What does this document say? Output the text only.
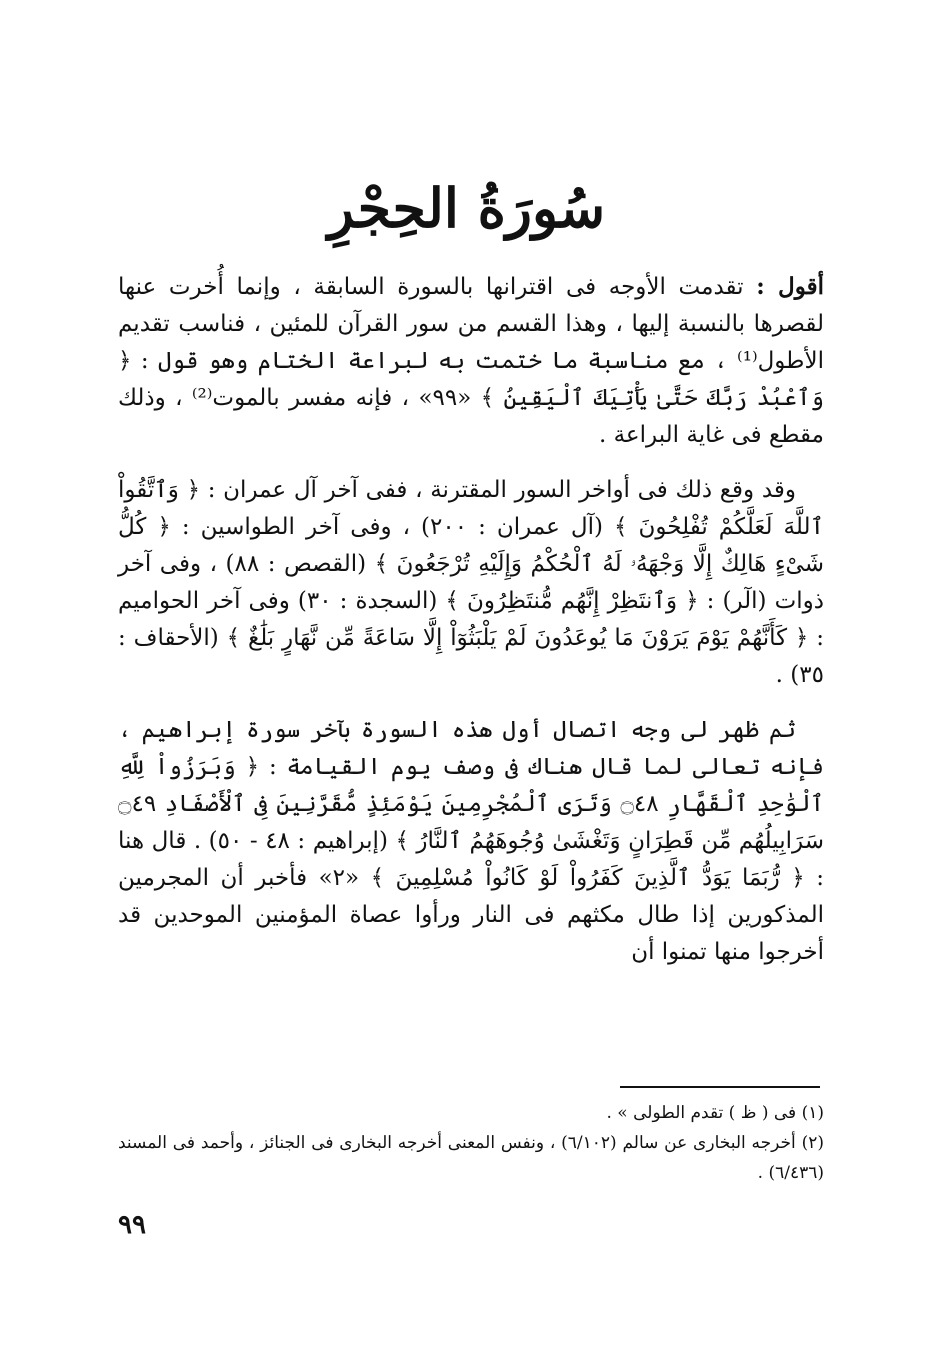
سُورَةُ الحِجْرِ

أقول : تقدمت الأوجه فى اقترانها بالسورة السابقة ، وإنما أُخرت عنها لقصرها بالنسبة إليها ، وهذا القسم من سور القرآن للمئين ، فناسب تقديم الأطول⁽¹⁾ ، مع مناسبة ما ختمت به لبراعة الختام وهو قول : ﴿ وَٱعْبُدْ رَبَّكَ حَتَّىٰ يَأْتِيَكَ ٱلْيَقِينُ ﴾ «٩٩» ، فإنه مفسر بالموت⁽²⁾ ، وذلك مقطع فى غاية البراعة .

وقد وقع ذلك فى أواخر السور المقترنة ، ففى آخر آل عمران : ﴿ وَٱتَّقُواْ ٱللَّهَ لَعَلَّكُمْ تُفْلِحُونَ ﴾ (آل عمران : ٢٠٠) ، وفى آخر الطواسين : ﴿ كُلُّ شَىْءٍ هَالِكٌ إِلَّا وَجْهَهُۥ لَهُ ٱلْحُكْمُ وَإِلَيْهِ تُرْجَعُونَ ﴾ (القصص : ٨٨) ، وفى آخر ذوات (الٓر) : ﴿ وَٱنتَظِرْ إِنَّهُم مُّنتَظِرُونَ ﴾ (السجدة : ٣٠) وفى آخر الحواميم : ﴿ كَأَنَّهُمْ يَوْمَ يَرَوْنَ مَا يُوعَدُونَ لَمْ يَلْبَثُوٓاْ إِلَّا سَاعَةً مِّن نَّهَارٍ بَلَٰغٌ ﴾ (الأحقاف : ٣٥) .

ثم ظهر لى وجه اتصال أول هذه السورة بآخر سورة إبراهيم ، فإنه تعالى لما قال هناك فى وصف يوم القيامة : ﴿ وَبَرَزُواْ لِلَّهِ ٱلْوَٰحِدِ ٱلْقَهَّارِ ۝٤٨ وَتَرَى ٱلْمُجْرِمِينَ يَوْمَئِذٍ مُّقَرَّنِينَ فِى ٱلْأَصْفَادِ ۝٤٩ سَرَابِيلُهُم مِّن قَطِرَانٍ وَتَغْشَىٰ وُجُوهَهُمُ ٱلنَّارُ ﴾ (إبراهيم : ٤٨ - ٥٠) . قال هنا : ﴿ رُّبَمَا يَوَدُّ ٱلَّذِينَ كَفَرُواْ لَوْ كَانُواْ مُسْلِمِينَ ﴾ «٢» فأخبر أن المجرمين المذكورين إذا طال مكثهم فى النار ورأوا عصاة المؤمنين الموحدين قد أخرجوا منها تمنوا أن

(١) فى ( ظ ) تقدم الطولى » .

(٢) أخرجه البخارى عن سالم (٦/١٠٢) ، ونفس المعنى أخرجه البخارى فى الجنائز ، وأحمد فى المسند (٦/٤٣٦) .

٩٩
